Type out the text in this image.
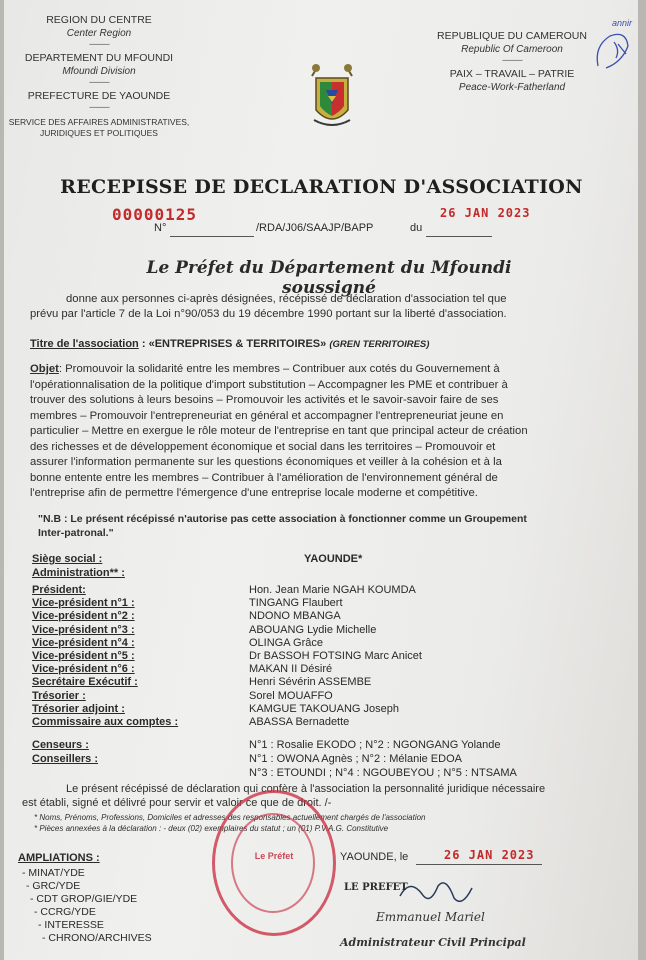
REGION DU CENTRE
Center Region
----------
DEPARTEMENT DU MFOUNDI
Mfoundi Division
----------
PREFECTURE DE YAOUNDE
----------
SERVICE DES AFFAIRES ADMINISTRATIVES,
JURIDIQUES ET POLITIQUES
REPUBLIQUE DU CAMEROUN
Republic Of Cameroon
----------
PAIX – TRAVAIL – PATRIE
Peace-Work-Fatherland
annir
RECEPISSE DE DECLARATION D'ASSOCIATION
00000125
N°	/RDA/J06/SAAJP/BAPP	du
26 JAN 2023
Le Préfet du Département du Mfoundi soussigné
donne aux personnes ci-après désignées, récépissé de déclaration d'association tel que
prévu par l'article 7 de la Loi n°90/053 du 19 décembre 1990 portant sur la liberté d'association.
Titre de l'association : «ENTREPRISES & TERRITOIRES» (GREN TERRITOIRES)
Objet: Promouvoir la solidarité entre les membres – Contribuer aux cotés du Gouvernement à
l'opérationnalisation de la politique d'import substitution – Accompagner les PME et contribuer à
trouver des solutions à leurs besoins – Promouvoir les activités et le savoir-savoir faire de ses
membres – Promouvoir l'entrepreneuriat en général et accompagner l'entrepreneuriat jeune en
particulier – Mettre en exergue le rôle moteur de l'entreprise en tant que principal acteur de création
des richesses et de développement économique et social dans les territoires – Promouvoir et
assurer l'information permanente sur les questions économiques et veiller à la cohésion et à la
bonne entente entre les membres – Contribuer à l'amélioration de l'environnement général de
l'entreprise afin de permettre l'émergence d'une entreprise locale moderne et compétitive.
"N.B : Le présent récépissé n'autorise pas cette association à fonctionner comme un Groupement
Inter-patronal."
Siège social :	YAOUNDE*
Administration** :
Président:	Hon. Jean Marie NGAH KOUMDA
Vice-président n°1 :	TINGANG Flaubert
Vice-président n°2 :	NDONO MBANGA
Vice-président n°3 :	ABOUANG Lydie Michelle
Vice-président n°4 :	OLINGA Grâce
Vice-président n°5 :	Dr BASSOH FOTSING Marc Anicet
Vice-président n°6 :	MAKAN II Désiré
Secrétaire Exécutif :	Henri Sévérin ASSEMBE
Trésorier :	Sorel MOUAFFO
Trésorier adjoint :	KAMGUE TAKOUANG Joseph
Commissaire aux comptes :	ABASSA Bernadette
Censeurs :	N°1 : Rosalie EKODO ; N°2 : NGONGANG Yolande
Conseillers :	N°1 : OWONA Agnès ; N°2 : Mélanie EDOA
N°3 : ETOUNDI ; N°4 : NGOUBEYOU ; N°5 : NTSAMA
Le présent récépissé de déclaration qui confère à l'association la personnalité juridique nécessaire
est établi, signé et délivré pour servir et valoir ce que de droit. /-
* Noms, Prénoms, Professions, Domiciles et adresses des responsables actuellement chargés de l'association
* Pièces annexées à la déclaration : - deux (02) exemplaires du statut ; un (01) P.V.A.G. Constitutive
Le Préfet	YAOUNDE, le	26 JAN 2023
LE PREFET
Emmanuel Mariel
Administrateur Civil Principal
AMPLIATIONS :
- MINAT/YDE
- GRC/YDE
- CDT GROP/GIE/YDE
- CCRG/YDE
- INTERESSE
- CHRONO/ARCHIVES
